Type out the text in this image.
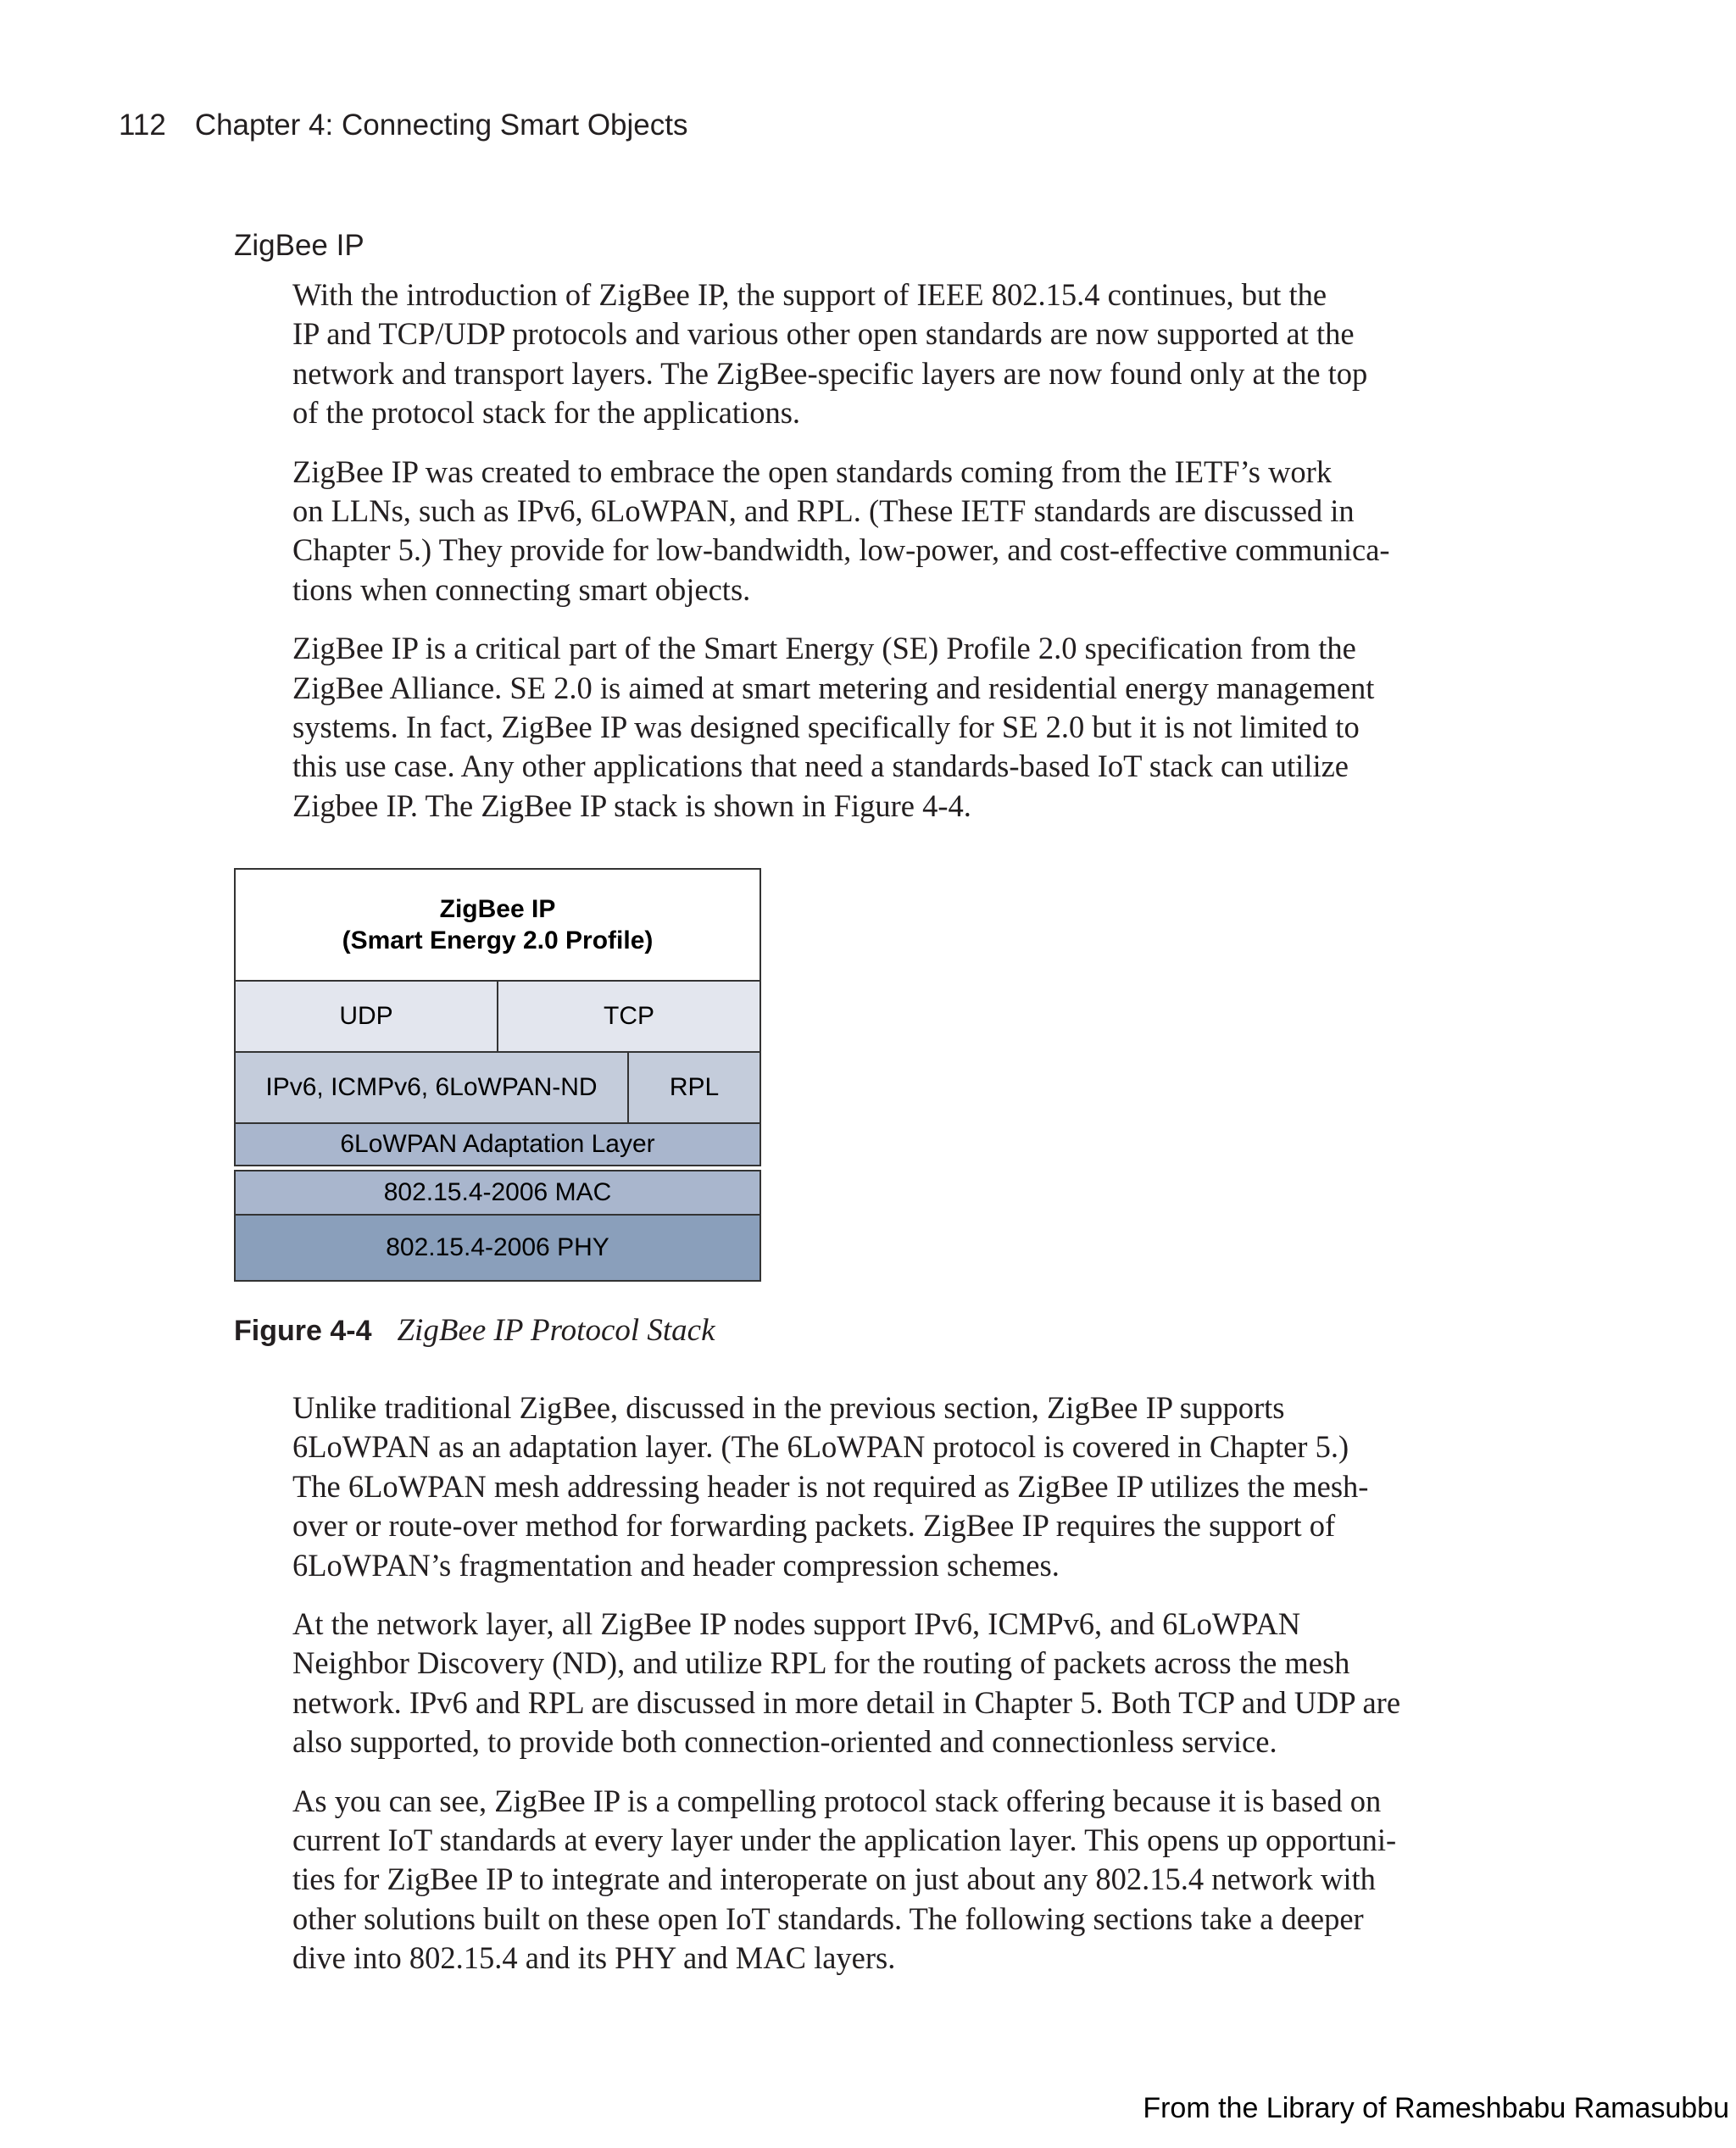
112 Chapter 4: Connecting Smart Objects
ZigBee IP

With the introduction of ZigBee IP, the support of IEEE 802.15.4 continues, but the
IP and TCP/UDP protocols and various other open standards are now supported at the
network and transport layers. The ZigBee-specific layers are now found only at the top
of the protocol stack for the applications.

ZigBee IP was created to embrace the open standards coming from the IETF’s work
on LLNs, such as IPv6, 6LoWPAN, and RPL. (These IETF standards are discussed in
Chapter 5.) They provide for low-bandwidth, low-power, and cost-effective communica-
tions when connecting smart objects.

ZigBee IP is a critical part of the Smart Energy (SE) Profile 2.0 specification from the
ZigBee Alliance. SE 2.0 is aimed at smart metering and residential energy management
systems. In fact, ZigBee IP was designed specifically for SE 2.0 but it is not limited to
this use case. Any other applications that need a standards-based IoT stack can utilize
Zigbee IP. The ZigBee IP stack is shown in Figure 4-4.

ZigBee IP
(Smart Energy 2.0 Profile)
UDP	TCP
IPv6, ICMPv6, 6LoWPAN-ND	RPL
6LoWPAN Adaptation Layer
802.15.4-2006 MAC
802.15.4-2006 PHY
Figure 4-4 ZigBee IP Protocol Stack

Unlike traditional ZigBee, discussed in the previous section, ZigBee IP supports
6LoWPAN as an adaptation layer. (The 6LoWPAN protocol is covered in Chapter 5.)
The 6LoWPAN mesh addressing header is not required as ZigBee IP utilizes the mesh-
over or route-over method for forwarding packets. ZigBee IP requires the support of
6LoWPAN’s fragmentation and header compression schemes.

At the network layer, all ZigBee IP nodes support IPv6, ICMPv6, and 6LoWPAN
Neighbor Discovery (ND), and utilize RPL for the routing of packets across the mesh
network. IPv6 and RPL are discussed in more detail in Chapter 5. Both TCP and UDP are
also supported, to provide both connection-oriented and connectionless service.

As you can see, ZigBee IP is a compelling protocol stack offering because it is based on
current IoT standards at every layer under the application layer. This opens up opportuni-
ties for ZigBee IP to integrate and interoperate on just about any 802.15.4 network with
other solutions built on these open IoT standards. The following sections take a deeper
dive into 802.15.4 and its PHY and MAC layers.

From the Library of Rameshbabu Ramasubbu
